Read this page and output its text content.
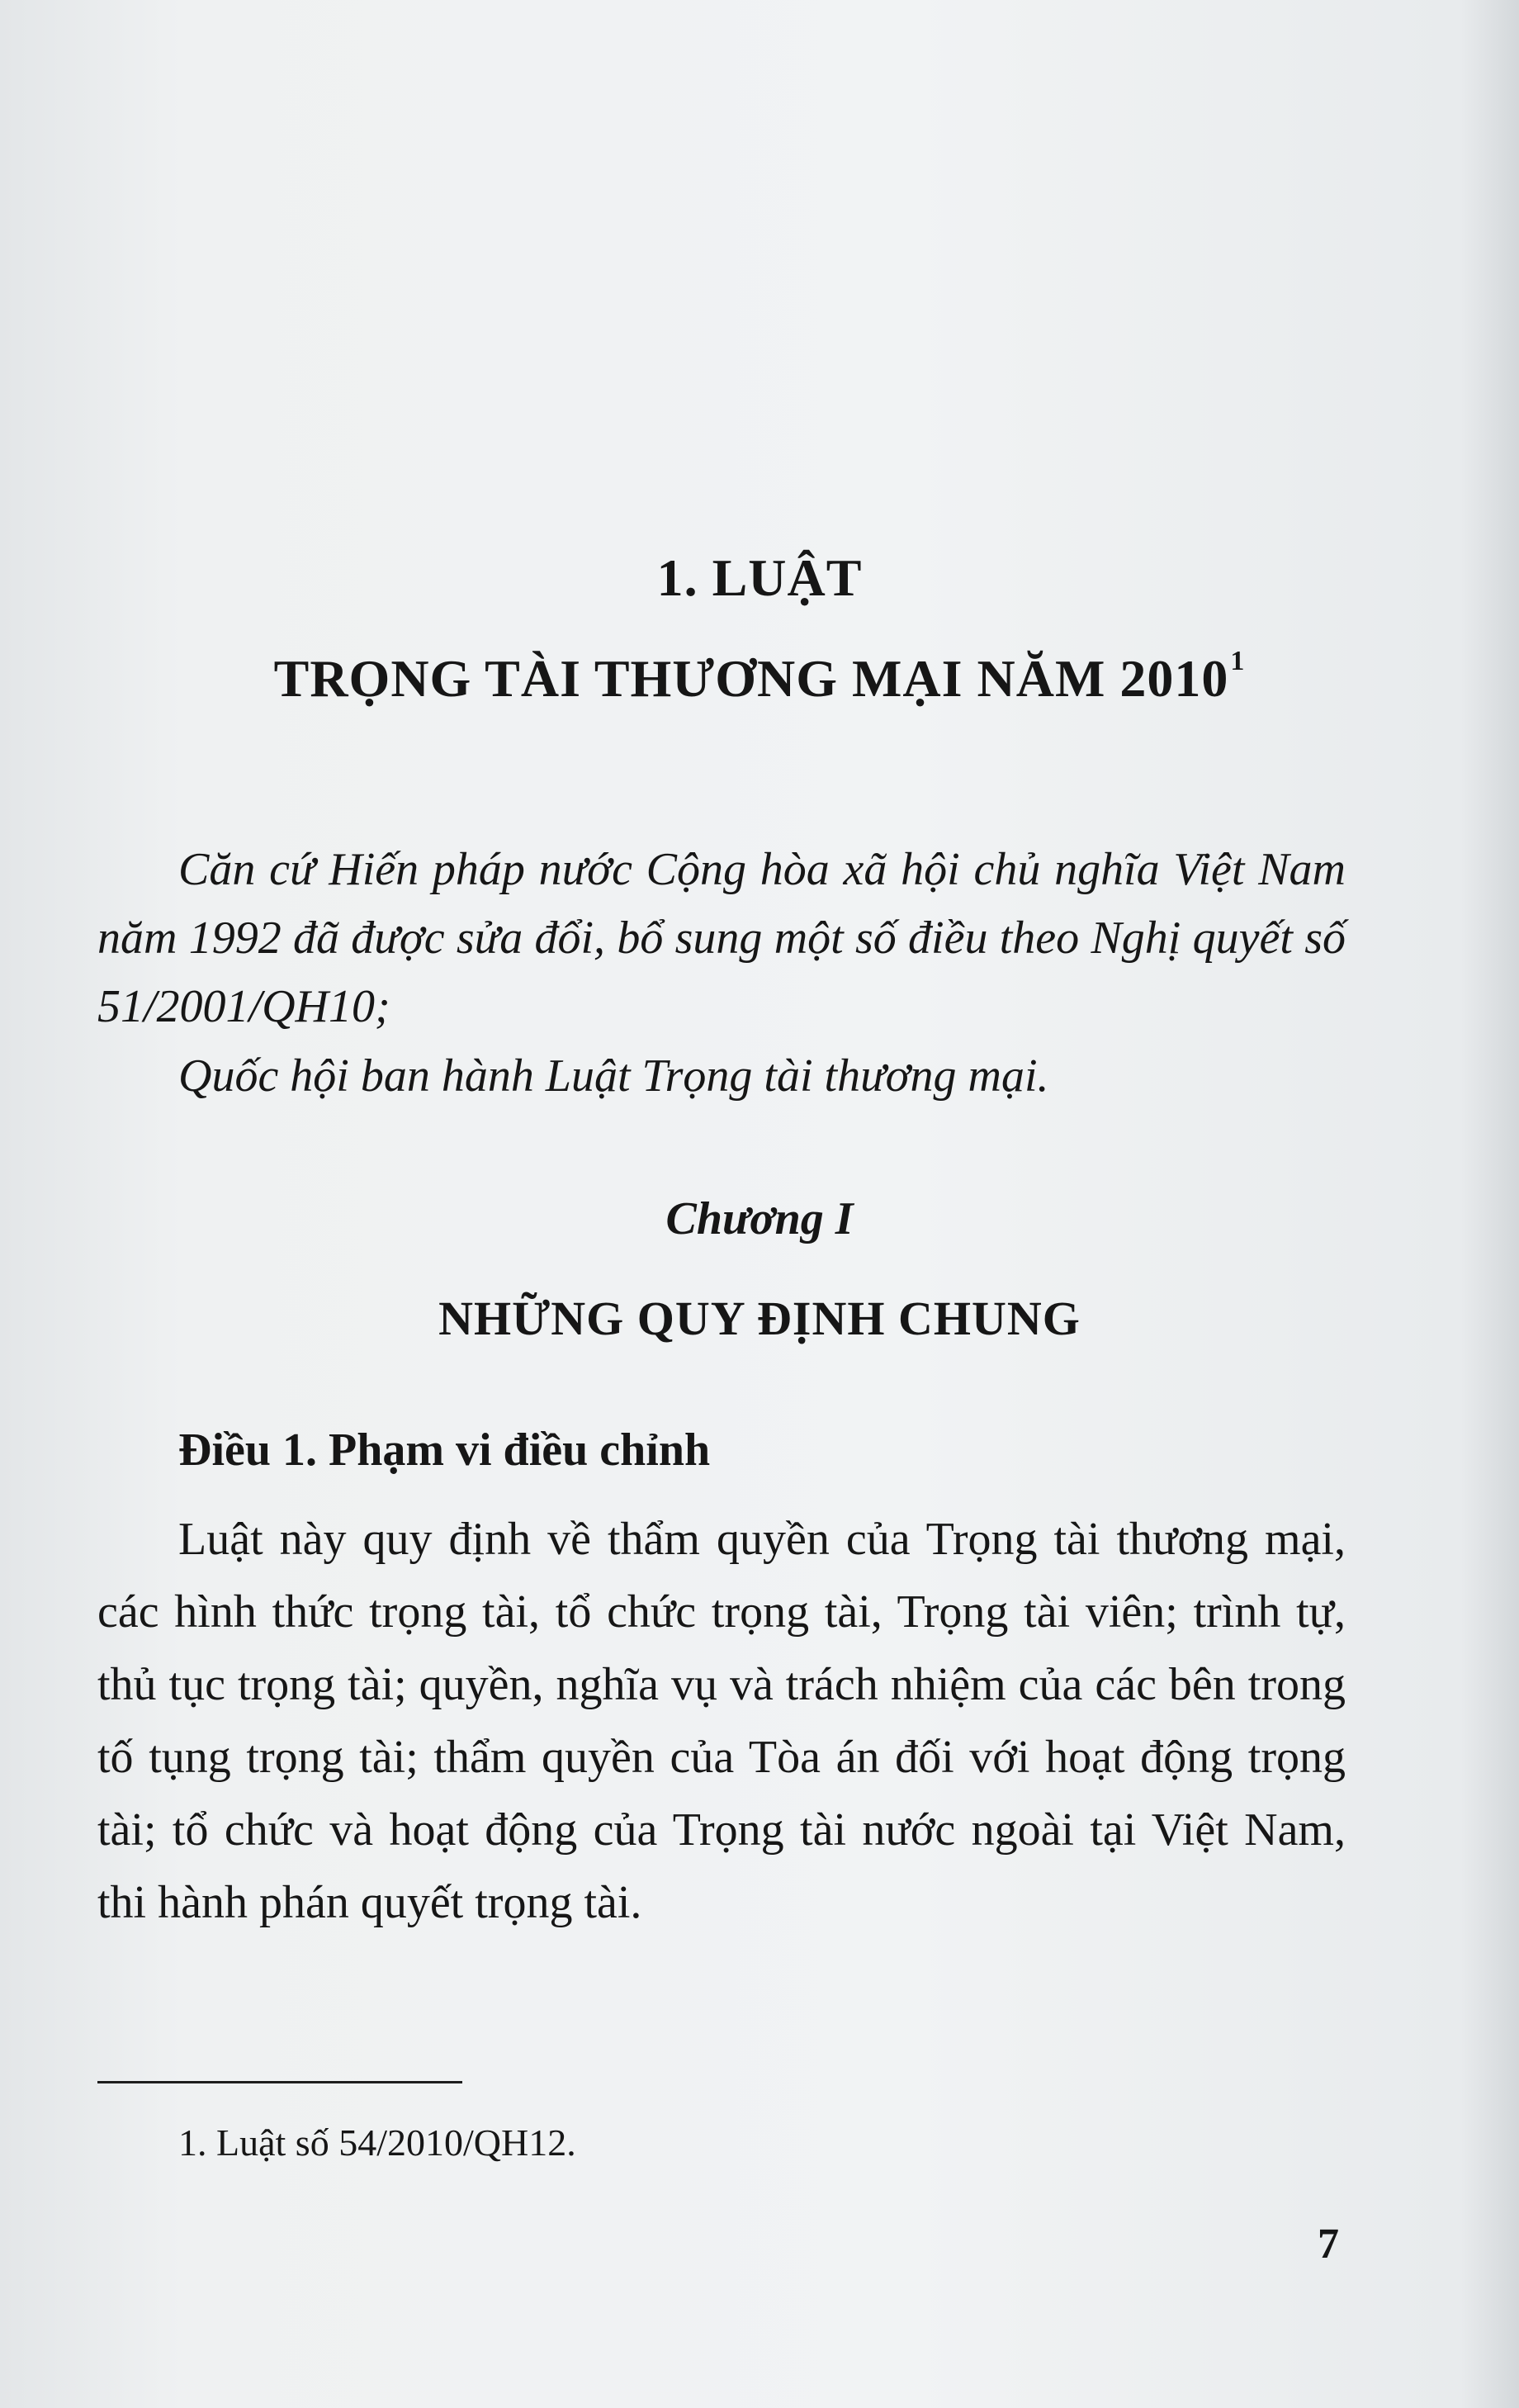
1. LUẬT
TRỌNG TÀI THƯƠNG MẠI NĂM 2010$^1$

Căn cứ Hiến pháp nước Cộng hòa xã hội chủ nghĩa Việt Nam năm 1992 đã được sửa đổi, bổ sung một số điều theo Nghị quyết số 51/2001/QH10;

Quốc hội ban hành Luật Trọng tài thương mại.

Chương I
NHỮNG QUY ĐỊNH CHUNG
Điều 1. Phạm vi điều chỉnh

Luật này quy định về thẩm quyền của Trọng tài thương mại, các hình thức trọng tài, tổ chức trọng tài, Trọng tài viên; trình tự, thủ tục trọng tài; quyền, nghĩa vụ và trách nhiệm của các bên trong tố tụng trọng tài; thẩm quyền của Tòa án đối với hoạt động trọng tài; tổ chức và hoạt động của Trọng tài nước ngoài tại Việt Nam, thi hành phán quyết trọng tài.

1. Luật số 54/2010/QH12.
7
